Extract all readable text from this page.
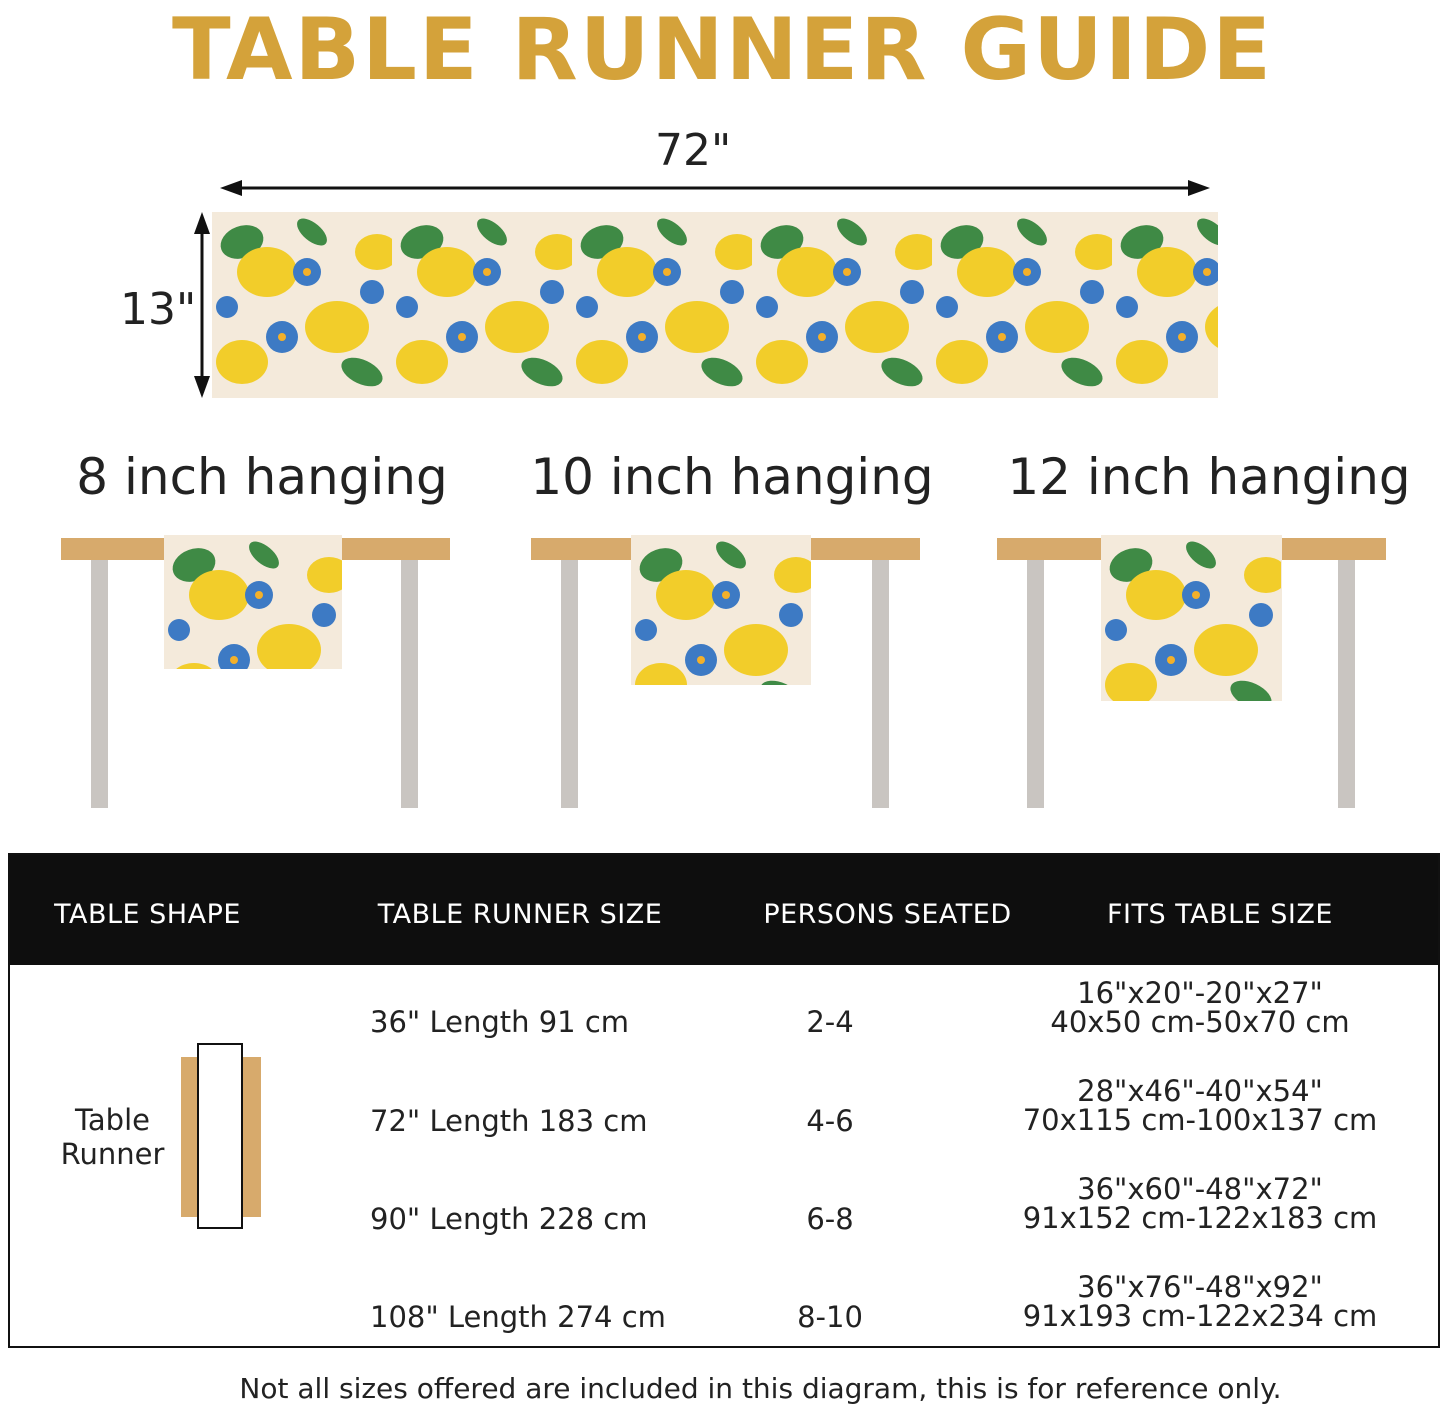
TABLE RUNNER GUIDE
72"
13"
8 inch hanging	10 inch hanging	12 inch hanging
TABLE SHAPE	TABLE RUNNER SIZE	PERSONS SEATED	FITS TABLE SIZE
Table
Runner
36" Length 91 cm	2-4
16"x20"-20"x27"
40x50 cm-50x70 cm
72" Length 183 cm	4-6
28"x46"-40"x54"
70x115 cm-100x137 cm
90" Length 228 cm	6-8
36"x60"-48"x72"
91x152 cm-122x183 cm
108" Length 274 cm	8-10
36"x76"-48"x92"
91x193 cm-122x234 cm
Not all sizes offered are included in this diagram, this is for reference only.
